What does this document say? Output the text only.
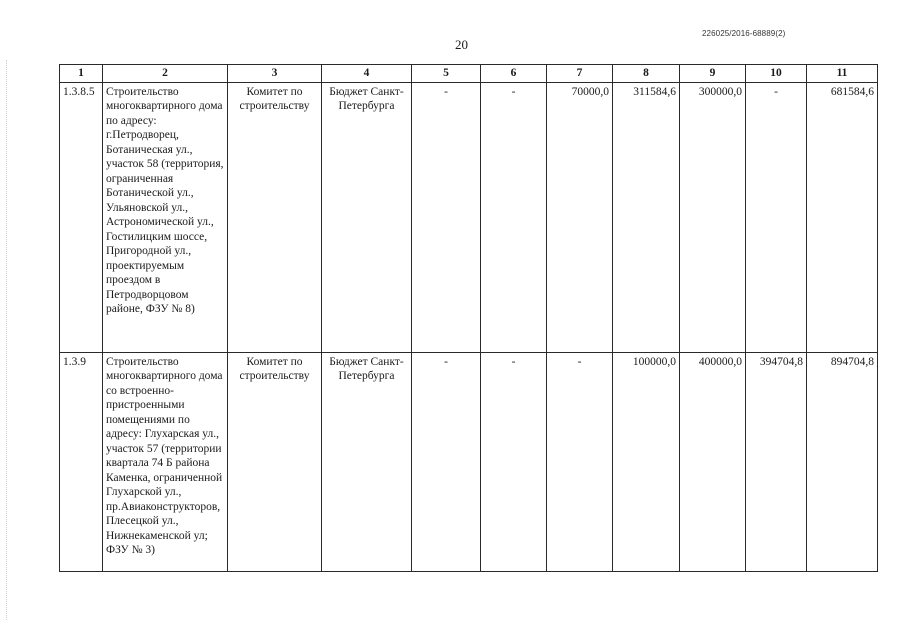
226025/2016-68889(2)
20
1	2	3	4	5	6	7	8	9	10	11
1.3.8.5	Строительство многоквартирного дома по адресу: г.Петродворец, Ботаническая ул., участок 58 (территория, ограниченная Ботанической ул., Ульяновской ул., Астрономической ул., Гостилицким шоссе, Пригородной ул., проектируемым проездом в Петродворцовом районе, ФЗУ № 8)	Комитет по строительству	Бюджет Санкт-Петербурга	-	-	70000,0	311584,6	300000,0	-	681584,6
1.3.9	Строительство многоквартирного дома со встроенно-пристроенными помещениями по адресу: Глухарская ул., участок 57 (территории квартала 74 Б района Каменка, ограниченной Глухарской ул., пр.Авиаконструкторов, Плесецкой ул., Нижнекаменской ул; ФЗУ № 3)	Комитет по строительству	Бюджет Санкт-Петербурга	-	-	-	100000,0	400000,0	394704,8	894704,8
